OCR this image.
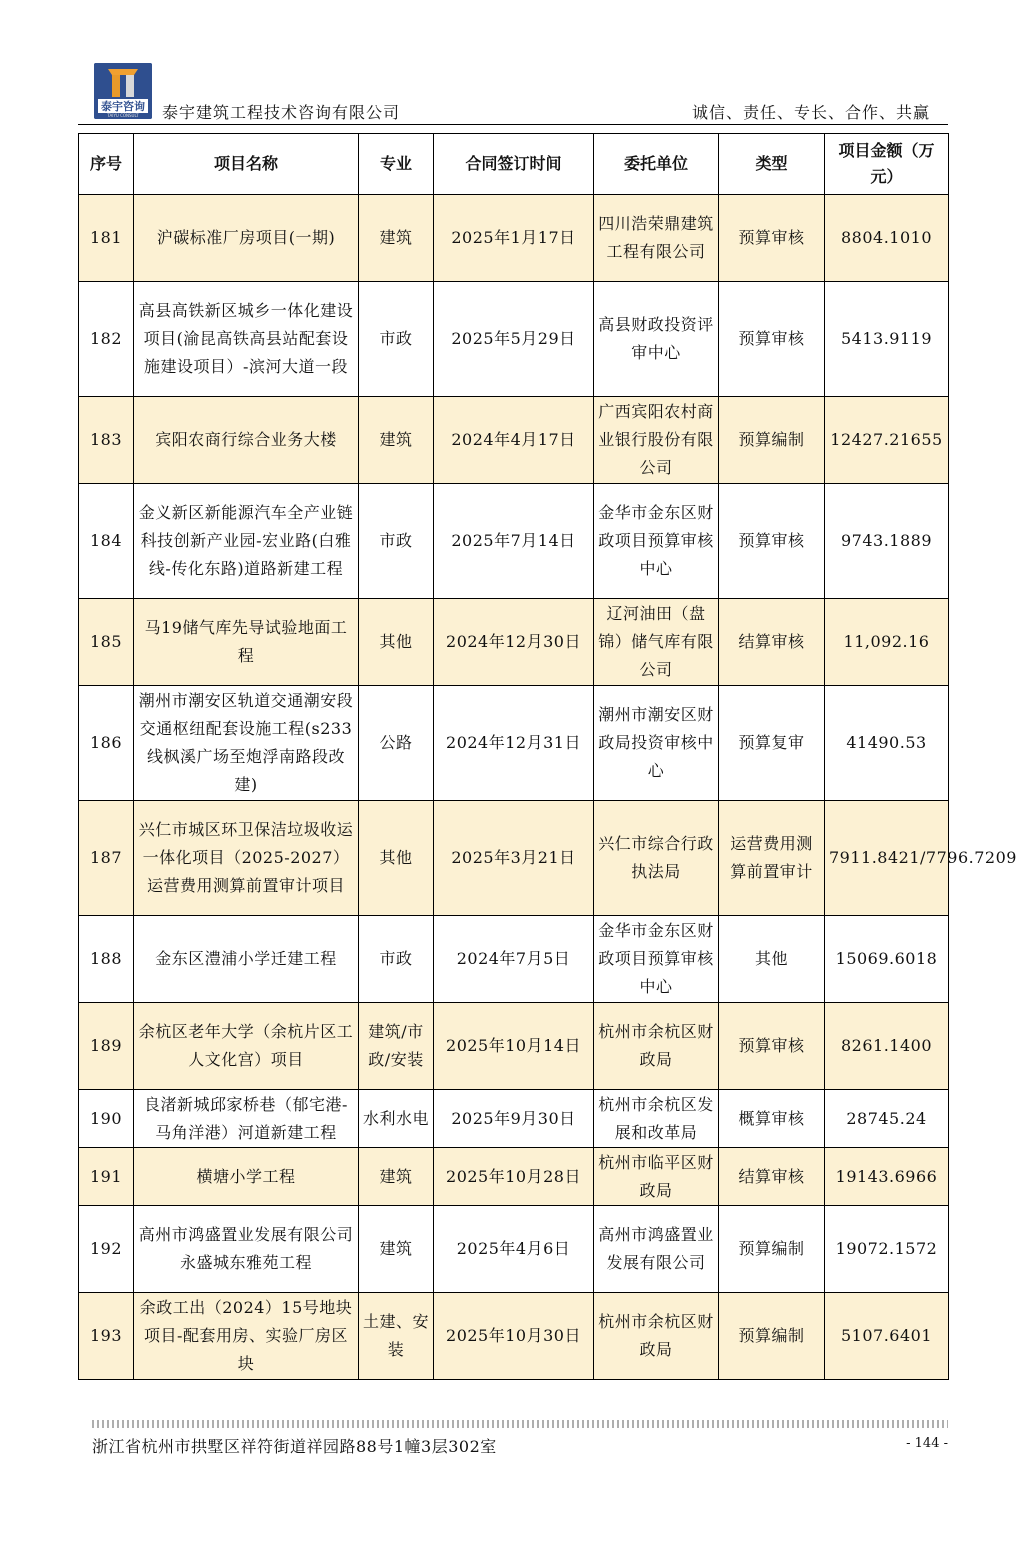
泰宇咨询
TAIYU CONSULT 泰宇建筑工程技术咨询有限公司	诚信、责任、专长、合作、共赢
序号	项目名称	专业	合同签订时间	委托单位	类型	项目金额（万元）
181	沪碳标准厂房项目(一期)	建筑	2025年1月17日	四川浩荣鼎建筑工程有限公司	预算审核	8804.1010
182	高县高铁新区城乡一体化建设项目(渝昆高铁高县站配套设施建设项目）-滨河大道一段	市政	2025年5月29日	高县财政投资评审中心	预算审核	5413.9119
183	宾阳农商行综合业务大楼	建筑	2024年4月17日	广西宾阳农村商业银行股份有限公司	预算编制	12427.21655
184	金义新区新能源汽车全产业链科技创新产业园-宏业路(白雅线-传化东路)道路新建工程	市政	2025年7月14日	金华市金东区财政项目预算审核中心	预算审核	9743.1889
185	马19储气库先导试验地面工程	其他	2024年12月30日	辽河油田（盘锦）储气库有限公司	结算审核	11,092.16
186	潮州市潮安区轨道交通潮安段交通枢纽配套设施工程(s233线枫溪广场至炮浮南路段改建)	公路	2024年12月31日	潮州市潮安区财政局投资审核中心	预算复审	41490.53
187	兴仁市城区环卫保洁垃圾收运一体化项目（2025-2027）运营费用测算前置审计项目	其他	2025年3月21日	兴仁市综合行政执法局	运营费用测算前置审计	7911.8421/7796.7209
188	金东区澧浦小学迁建工程	市政	2024年7月5日	金华市金东区财政项目预算审核中心	其他	15069.6018
189	余杭区老年大学（余杭片区工人文化宫）项目	建筑/市政/安装	2025年10月14日	杭州市余杭区财政局	预算审核	8261.1400
190	良渚新城邱家桥巷（郁宅港-马角洋港）河道新建工程	水利水电	2025年9月30日	杭州市余杭区发展和改革局	概算审核	28745.24
191	横塘小学工程	建筑	2025年10月28日	杭州市临平区财政局	结算审核	19143.6966
192	高州市鸿盛置业发展有限公司永盛城东雅苑工程	建筑	2025年4月6日	高州市鸿盛置业发展有限公司	预算编制	19072.1572
193	余政工出（2024）15号地块项目-配套用房、实验厂房区块	土建、安装	2025年10月30日	杭州市余杭区财政局	预算编制	5107.6401
浙江省杭州市拱墅区祥符街道祥园路88号1幢3层302室	- 144 -
